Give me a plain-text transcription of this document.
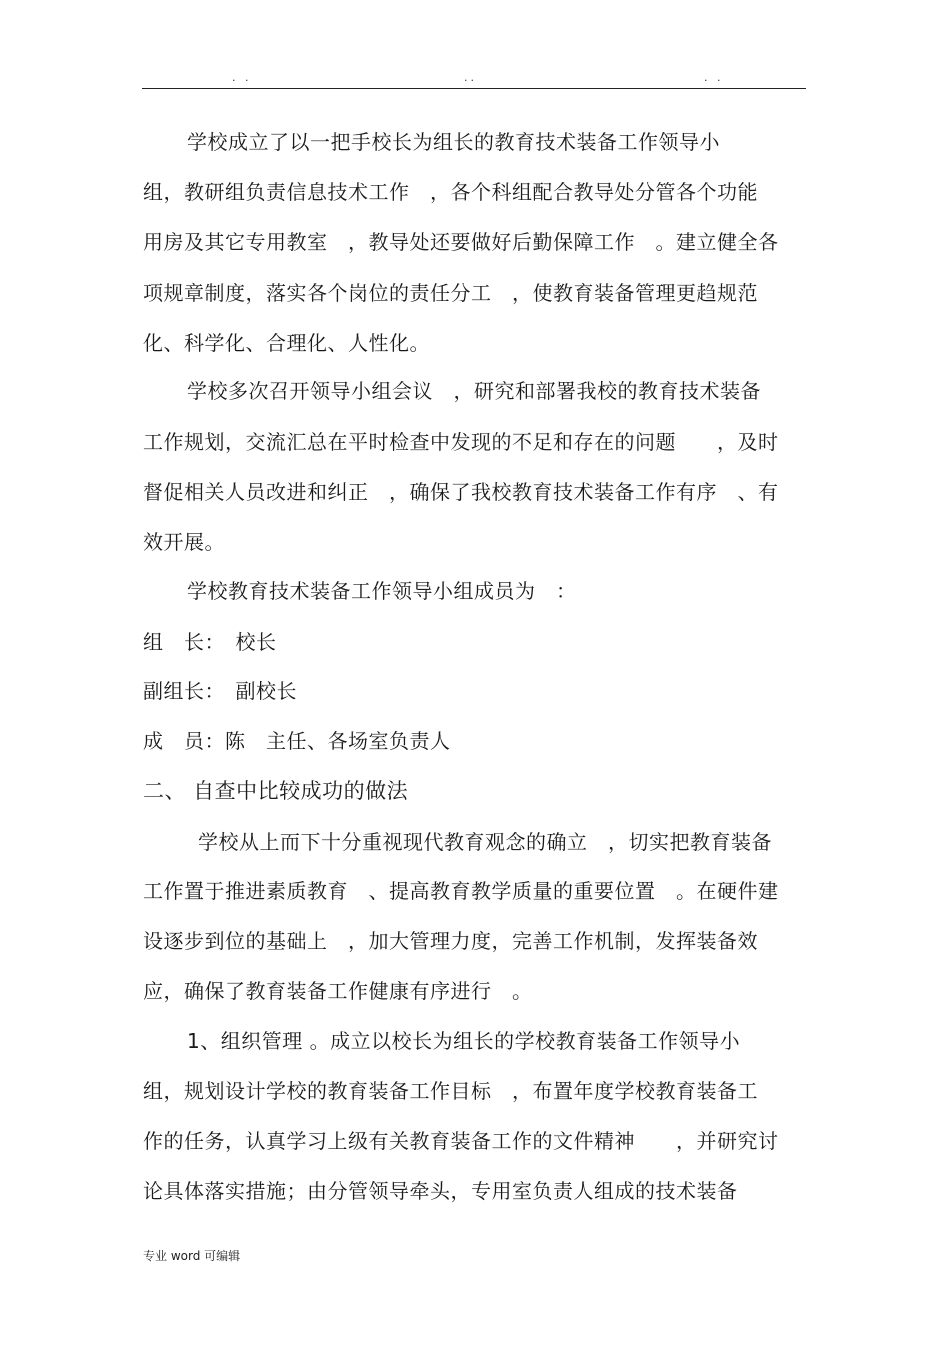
. .	..	. .
学校成立了以一把手校长为组长的教育技术装备工作领导小
组，教研组负责信息技术工作　，各个科组配合教导处分管各个功能
用房及其它专用教室　，教导处还要做好后勤保障工作　。建立健全各
项规章制度，落实各个岗位的责任分工　，使教育装备管理更趋规范
化、科学化、合理化、人性化。
学校多次召开领导小组会议　，研究和部署我校的教育技术装备
工作规划，交流汇总在平时检查中发现的不足和存在的问题　　，及时
督促相关人员改进和纠正　，确保了我校教育技术装备工作有序　、有
效开展。
学校教育技术装备工作领导小组成员为　：
组　长：　校长
副组长：　副校长
成　员：陈　主任、各场室负责人
二、 自查中比较成功的做法
学校从上而下十分重视现代教育观念的确立　，切实把教育装备
工作置于推进素质教育　、提高教育教学质量的重要位置　。在硬件建
设逐步到位的基础上　，加大管理力度，完善工作机制，发挥装备效
应，确保了教育装备工作健康有序进行　。
1、组织管理 。成立以校长为组长的学校教育装备工作领导小
组，规划设计学校的教育装备工作目标　，布置年度学校教育装备工
作的任务，认真学习上级有关教育装备工作的文件精神　　，并研究讨
论具体落实措施；由分管领导牵头，专用室负责人组成的技术装备
专业 word 可编辑
